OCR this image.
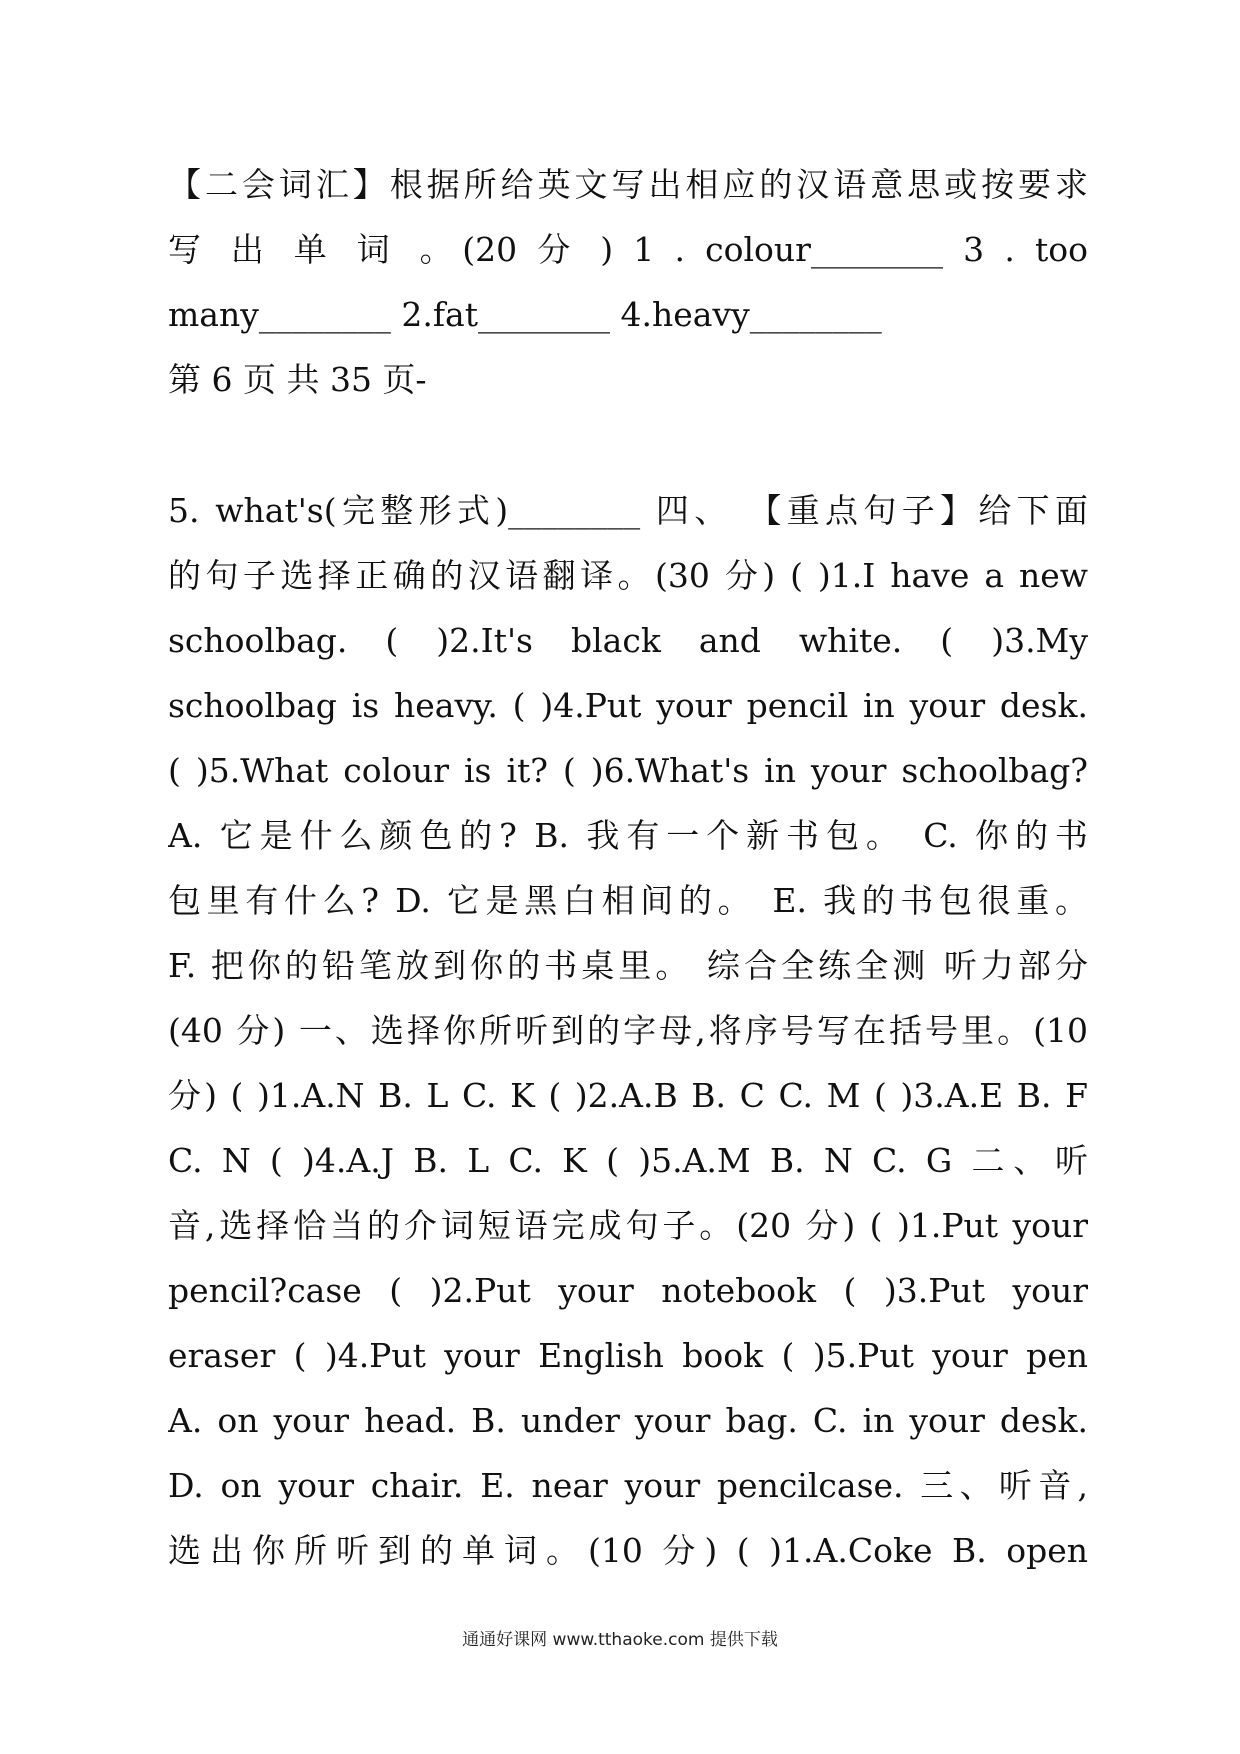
【二会词汇】根据所给英文写出相应的汉语意思或按要求
写 出 单 词 。(20 分 ) 1 . colour________ 3 . too
many________ 2.fat________ 4.heavy________
第 6 页 共 35 页-
5. what's(完整形式)________ 四、 【重点句子】给下面
的句子选择正确的汉语翻译。(30 分) ( )1.I have a new
schoolbag. ( )2.It's black and white. ( )3.My
schoolbag is heavy. ( )4.Put your pencil in your desk.
( )5.What colour is it? ( )6.What's in your schoolbag?
A. 它是什么颜色的? B. 我有一个新书包。 C. 你的书
包里有什么? D. 它是黑白相间的。 E. 我的书包很重。
F. 把你的铅笔放到你的书桌里。 综合全练全测 听力部分
(40 分) 一、选择你所听到的字母,将序号写在括号里。(10
分) ( )1.A.N B. L C. K ( )2.A.B B. C C. M ( )3.A.E B. F
C. N ( )4.A.J B. L C. K ( )5.A.M B. N C. G 二、听
音,选择恰当的介词短语完成句子。(20 分) ( )1.Put your
pencil?case ( )2.Put your notebook ( )3.Put your
eraser ( )4.Put your English book ( )5.Put your pen
A. on your head. B. under your bag. C. in your desk.
D. on your chair. E. near your pencilcase. 三、听音,
选出你所听到的单词。(10 分) ( )1.A.Coke B. open
通通好课网 www.tthaoke.com 提供下载
